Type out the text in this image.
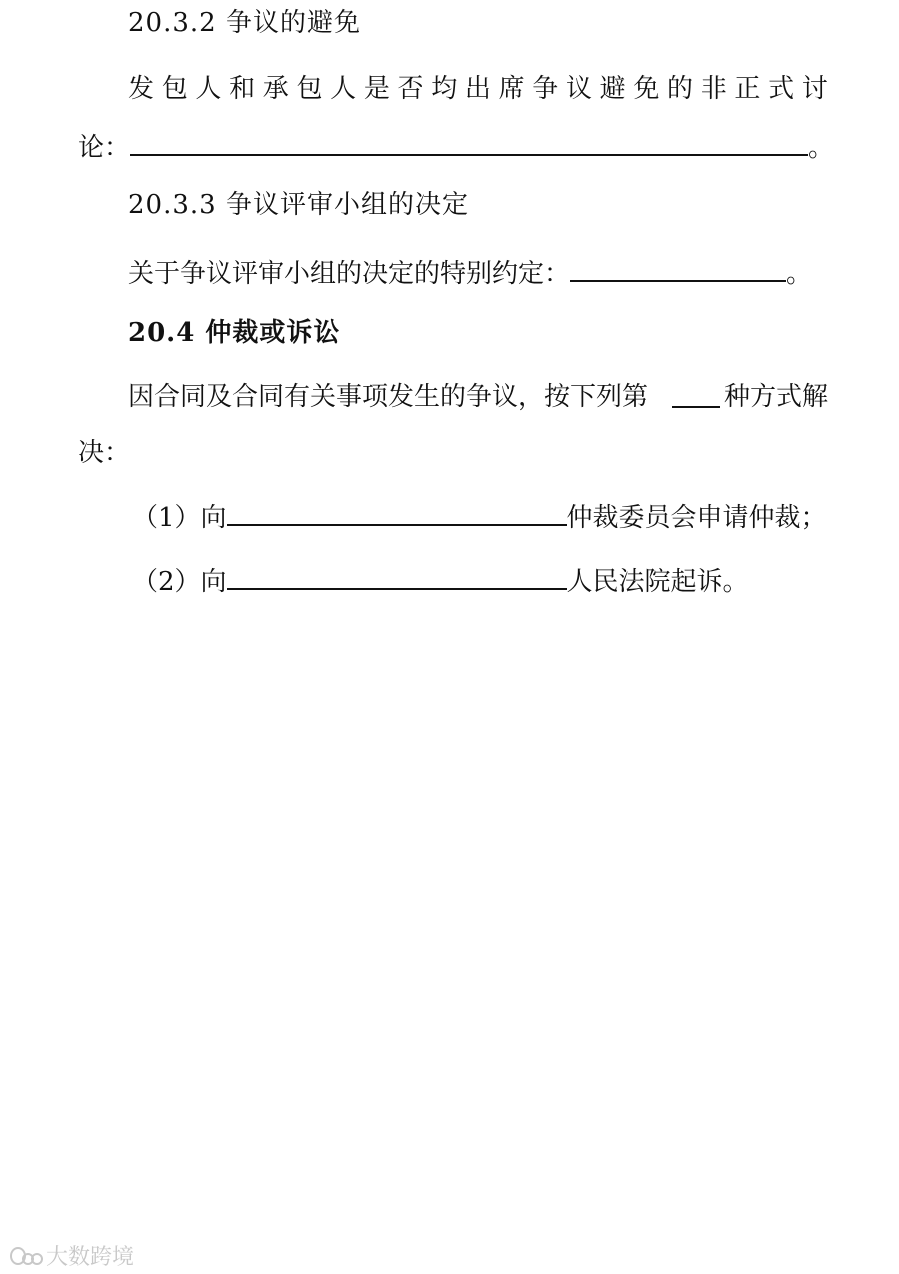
20.3.2 争议的避免
发 包 人 和 承 包 人 是 否 均 出 席 争 议 避 免 的 非 正 式 讨
论：	。
20.3.3 争议评审小组的决定
关于争议评审小组的决定的特别约定：	。
20.4 仲裁或诉讼
因合同及合同有关事项发生的争议，按下列第	种方式解
决：
（1）向	仲裁委员会申请仲裁；
（2）向	人民法院起诉。
大数跨境
